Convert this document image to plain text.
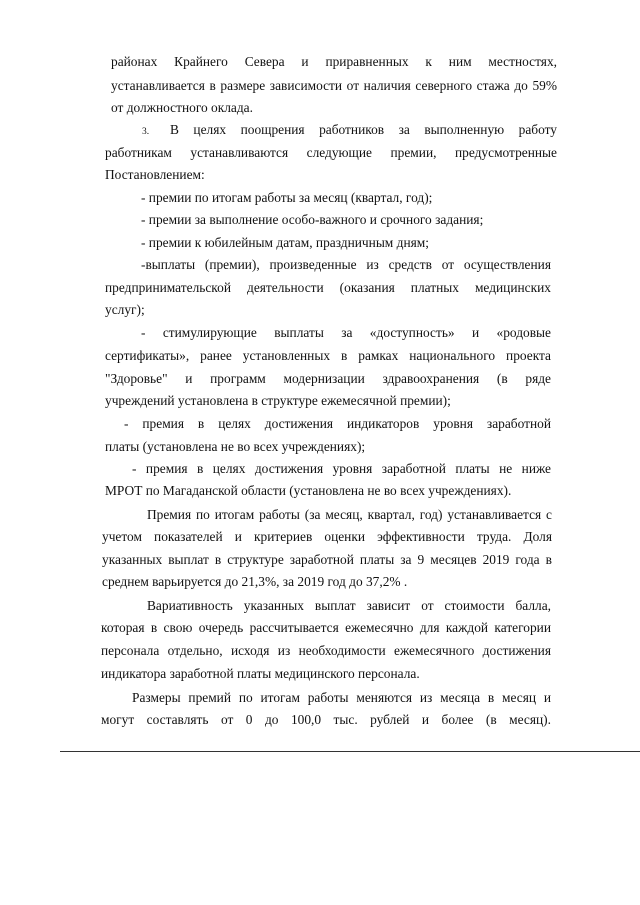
районах Крайнего Севера и приравненных к ним местностях,
устанавливается в размере зависимости от наличия северного стажа до 59%
от должностного оклада.
3. В целях поощрения работников за выполненную работу
работникам устанавливаются следующие премии, предусмотренные
Постановлением:
- премии по итогам работы за месяц (квартал, год);
- премии за выполнение особо-важного и срочного задания;
- премии к юбилейным датам, праздничным дням;
-выплаты (премии), произведенные из средств от осуществления
предпринимательской деятельности (оказания платных медицинских
услуг);
- стимулирующие выплаты за «доступность» и «родовые
сертификаты», ранее установленных в рамках национального проекта
"Здоровье" и программ модернизации здравоохранения (в ряде
учреждений установлена в структуре ежемесячной премии);
- премия в целях достижения индикаторов уровня заработной
платы (установлена не во всех учреждениях);
- премия в целях достижения уровня заработной платы не ниже
МРОТ по Магаданской области (установлена не во всех учреждениях).
Премия по итогам работы (за месяц, квартал, год) устанавливается с
учетом показателей и критериев оценки эффективности труда. Доля
указанных выплат в структуре заработной платы за 9 месяцев 2019 года в
среднем варьируется до 21,3%, за 2019 год до 37,2% .
Вариативность указанных выплат зависит от стоимости балла,
которая в свою очередь рассчитывается ежемесячно для каждой категории
персонала отдельно, исходя из необходимости ежемесячного достижения
индикатора заработной платы медицинского персонала.
Размеры премий по итогам работы меняются из месяца в месяц и
могут составлять от 0 до 100,0 тыс. рублей и более (в месяц).
